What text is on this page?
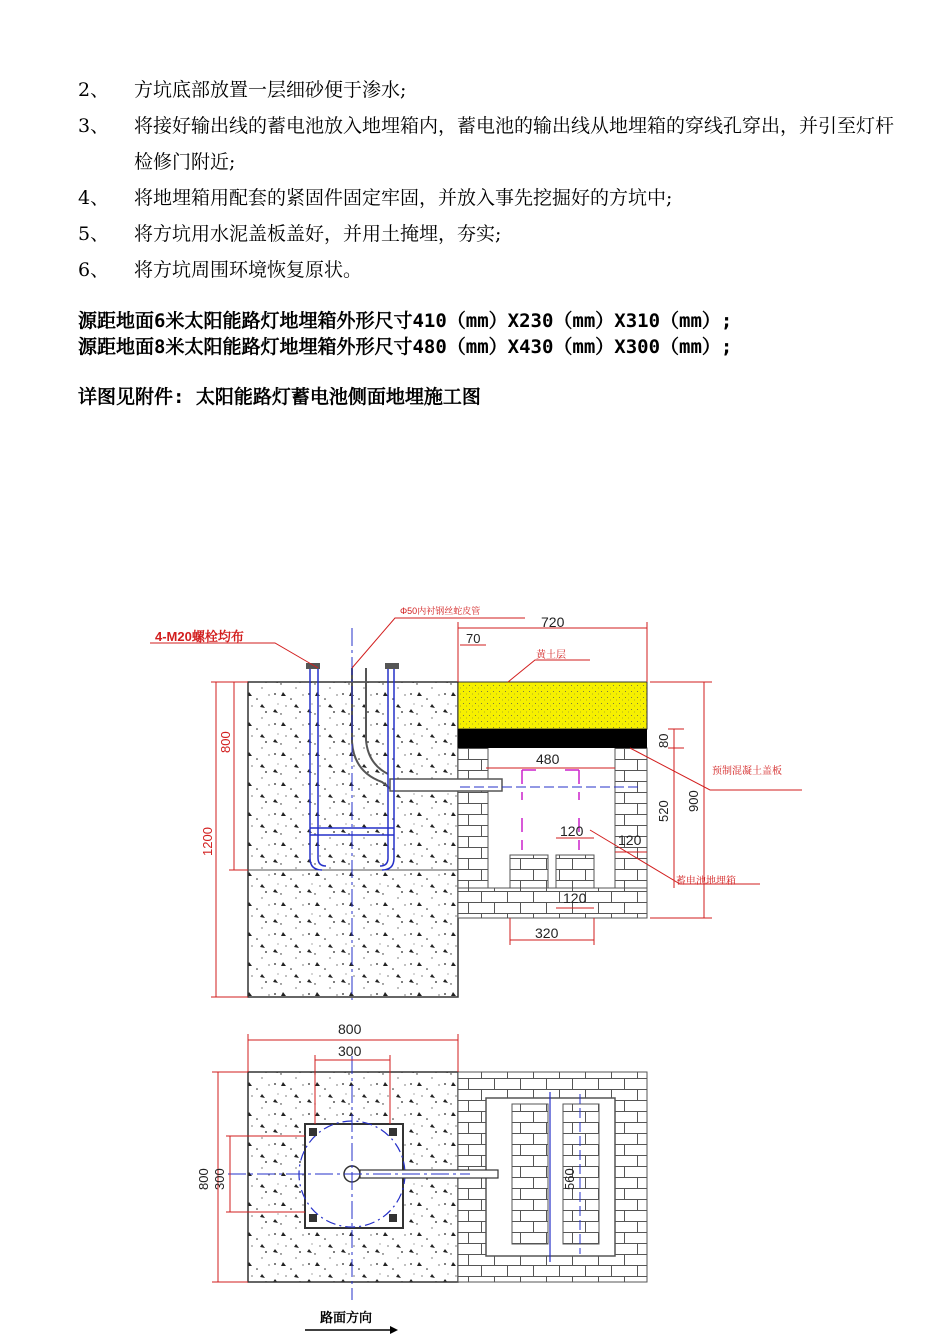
2、 方坑底部放置一层细砂便于渗水;
3、 将接好输出线的蓄电池放入地埋箱内，蓄电池的输出线从地埋箱的穿线孔穿出，并引至灯杆检修门附近;
4、 将地埋箱用配套的紧固件固定牢固，并放入事先挖掘好的方坑中;
5、 将方坑用水泥盖板盖好，并用土掩埋，夯实;
6、 将方坑周围环境恢复原状。
源距地面6米太阳能路灯地埋箱外形尺寸410（mm）X230（mm）X310（mm）;
源距地面8米太阳能路灯地埋箱外形尺寸480（mm）X430（mm）X300（mm）;
详图见附件: 太阳能路灯蓄电池侧面地埋施工图
800
1200
720
70
480
80
520 900
120
120
120
320
4-M20螺栓均布
Φ50内衬钢丝蛇皮管
黄土层
预制混凝土盖板
蓄电池地埋箱
800
300
800 300	560
路面方向
